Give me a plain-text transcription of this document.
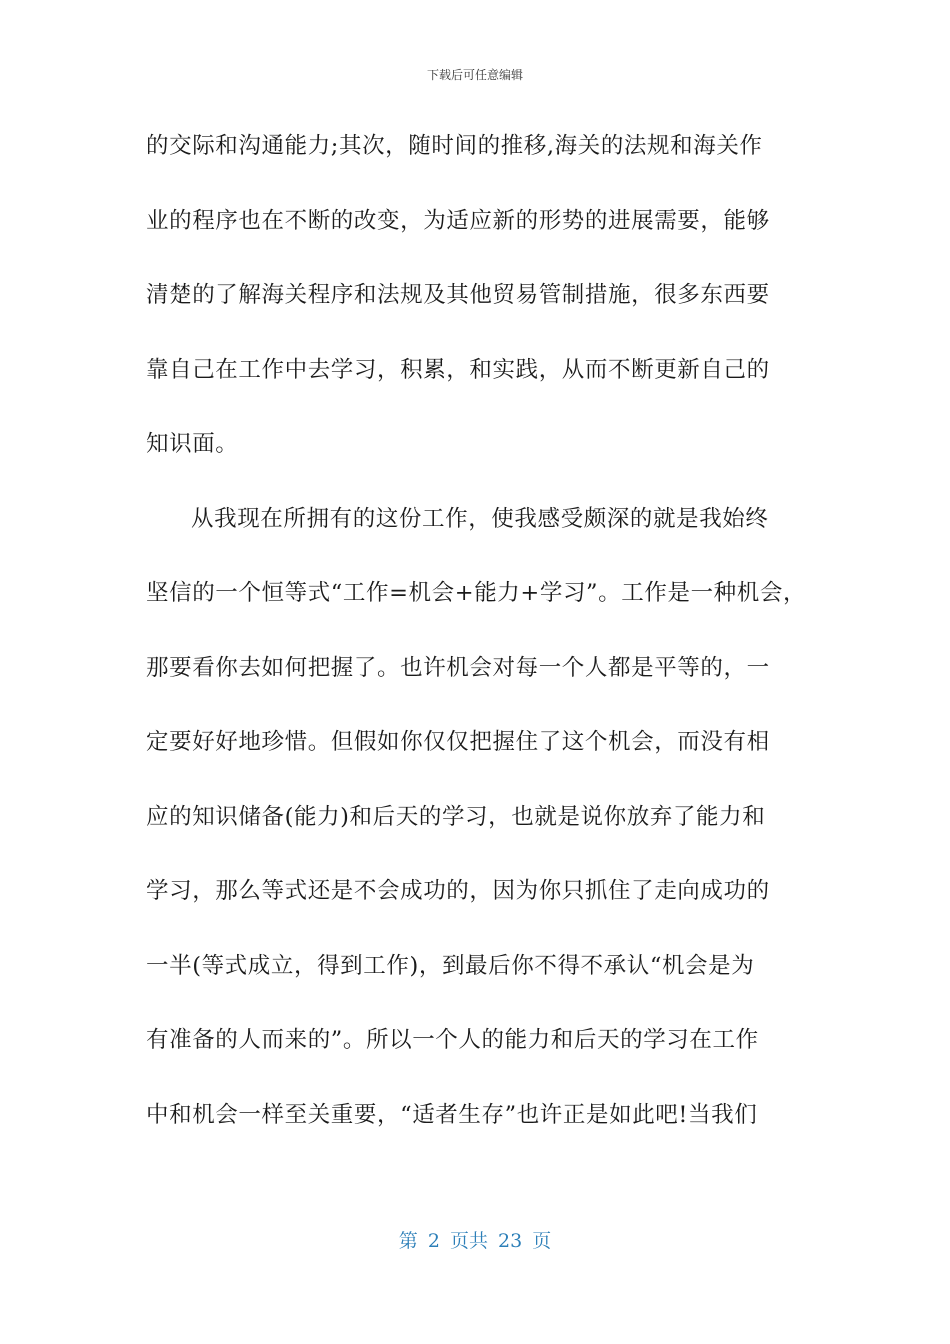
下载后可任意编辑
的交际和沟通能力;其次，随时间的推移,海关的法规和海关作
业的程序也在不断的改变，为适应新的形势的进展需要，能够
清楚的了解海关程序和法规及其他贸易管制措施，很多东西要
靠自己在工作中去学习，积累，和实践，从而不断更新自己的
知识面。
从我现在所拥有的这份工作，使我感受颇深的就是我始终
坚信的一个恒等式“工作=机会+能力+学习”。工作是一种机会，
那要看你去如何把握了。也许机会对每一个人都是平等的，一
定要好好地珍惜。但假如你仅仅把握住了这个机会，而没有相
应的知识储备(能力)和后天的学习，也就是说你放弃了能力和
学习，那么等式还是不会成功的，因为你只抓住了走向成功的
一半(等式成立，得到工作)，到最后你不得不承认“机会是为
有准备的人而来的”。所以一个人的能力和后天的学习在工作
中和机会一样至关重要，“适者生存”也许正是如此吧!当我们
第 2 页共 23 页
